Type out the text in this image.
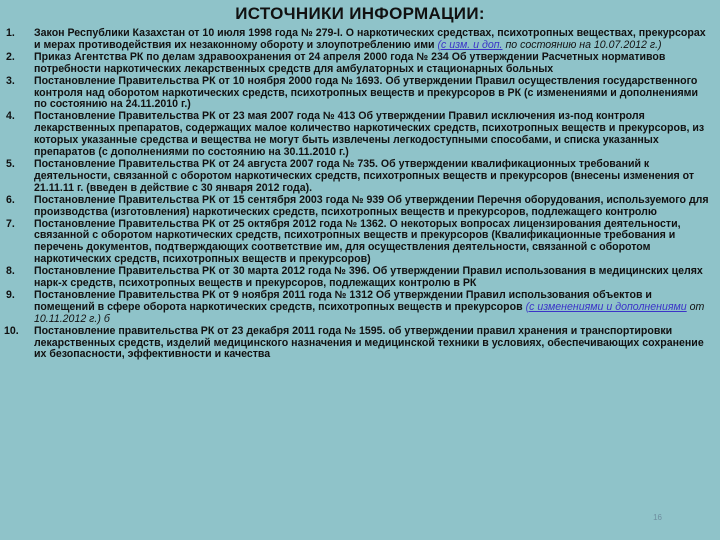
ИСТОЧНИКИ ИНФОРМАЦИИ:
1. Закон Республики Казахстан от 10 июля 1998 года № 279-I. О наркотических средствах, психотропных веществах, прекурсорах и мерах противодействия их незаконному обороту и злоупотреблению ими (с изм. и доп. по состоянию на 10.07.2012 г.)
2. Приказ Агентства РК по делам здравоохранения от 24 апреля 2000 года № 234 Об утверждении Расчетных нормативов потребности наркотических лекарственных средств для амбулаторных и стационарных больных
3. Постановление Правительства РК от 10 ноября 2000 года № 1693. Об утверждении Правил осуществления государственного контроля над оборотом наркотических средств, психотропных веществ и прекурсоров в РК (с изменениями и дополнениями по состоянию на 24.11.2010 г.)
4. Постановление Правительства РК от 23 мая 2007 года № 413 Об утверждении Правил исключения из-под контроля лекарственных препаратов, содержащих малое количество наркотических средств, психотропных веществ и прекурсоров, из которых указанные средства и вещества не могут быть извлечены легкодоступными способами, и списка указанных препаратов (с дополнениями по состоянию на 30.11.2010 г.)
5. Постановление Правительства РК от 24 августа 2007 года № 735. Об утверждении квалификационных требований к деятельности, связанной с оборотом наркотических средств, психотропных веществ и прекурсоров (внесены изменения от 21.11.11 г. (введен в действие с 30 января 2012 года).
6. Постановление Правительства РК от 15 сентября 2003 года № 939 Об утверждении Перечня оборудования, используемого для производства (изготовления) наркотических средств, психотропных веществ и прекурсоров, подлежащего контролю
7. Постановление Правительства РК от 25 октября 2012 года № 1362. О некоторых вопросах лицензирования деятельности, связанной с оборотом наркотических средств, психотропных веществ и прекурсоров (Квалификационные требования и перечень документов, подтверждающих соответствие им, для осуществления деятельности, связанной с оборотом наркотических средств, психотропных веществ и прекурсоров)
8. Постановление Правительства РК от 30 марта 2012 года № 396. Об утверждении Правил использования в медицинских целях нарк-х средств, психотропных веществ и прекурсоров, подлежащих контролю в РК
9. Постановление Правительства РК от 9 ноября 2011 года № 1312 Об утверждении Правил использования объектов и помещений в сфере оборота наркотических средств, психотропных веществ и прекурсоров (с изменениями и дополнениями от 10.11.2012 г.) б
10. Постановление правительства РК от 23 декабря 2011 года № 1595. об утверждении правил хранения и транспортировки лекарственных средств, изделий медицинского назначения и медицинской техники в условиях, обеспечивающих сохранение их безопасности, эффективности и качества
16
